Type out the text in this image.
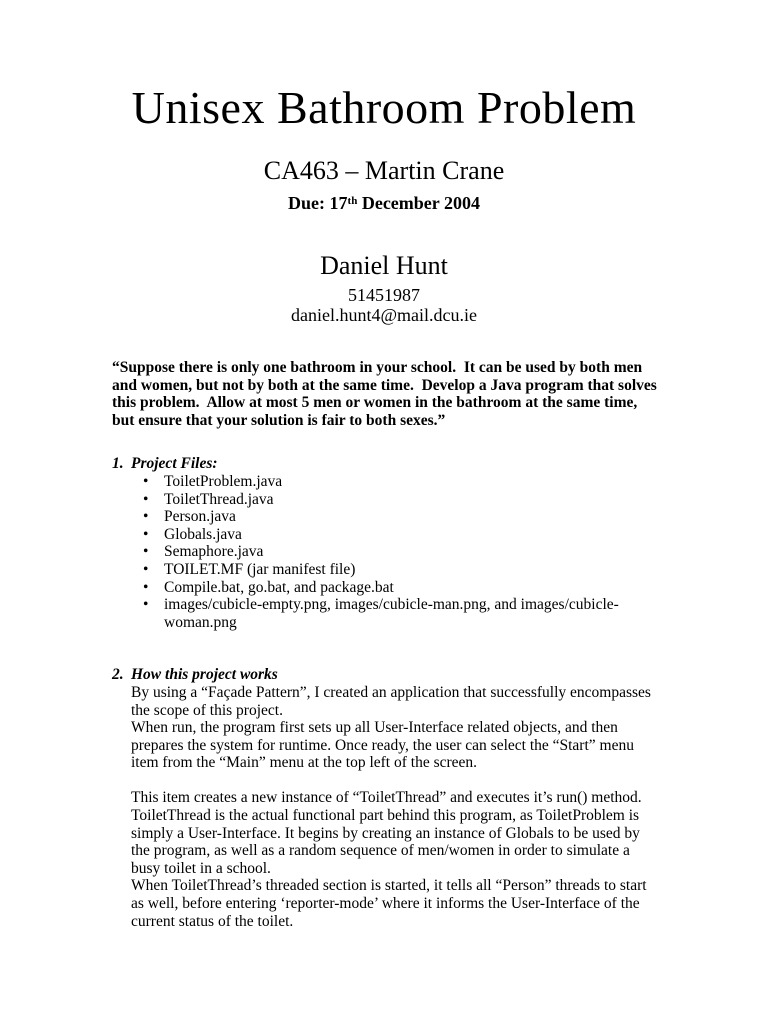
Unisex Bathroom Problem
CA463 – Martin Crane
Due: 17th December 2004
Daniel Hunt
51451987
daniel.hunt4@mail.dcu.ie

“Suppose there is only one bathroom in your school.  It can be used by both men and women, but not by both at the same time.  Develop a Java program that solves this problem.  Allow at most 5 men or women in the bathroom at the same time, but ensure that your solution is fair to both sexes.”

1. Project Files:
• ToiletProblem.java
• ToiletThread.java
• Person.java
• Globals.java
• Semaphore.java
• TOILET.MF (jar manifest file)
• Compile.bat, go.bat, and package.bat
• images/cubicle-empty.png, images/cubicle-man.png, and images/cubicle-woman.png
2. How this project works

By using a “Façade Pattern”, I created an application that successfully encompasses the scope of this project.

When run, the program first sets up all User-Interface related objects, and then prepares the system for runtime. Once ready, the user can select the “Start” menu item from the “Main” menu at the top left of the screen.

This item creates a new instance of “ToiletThread” and executes it’s run() method. ToiletThread is the actual functional part behind this program, as ToiletProblem is simply a User-Interface. It begins by creating an instance of Globals to be used by the program, as well as a random sequence of men/women in order to simulate a busy toilet in a school.

When ToiletThread’s threaded section is started, it tells all “Person” threads to start as well, before entering ‘reporter-mode’ where it informs the User-Interface of the current status of the toilet.
